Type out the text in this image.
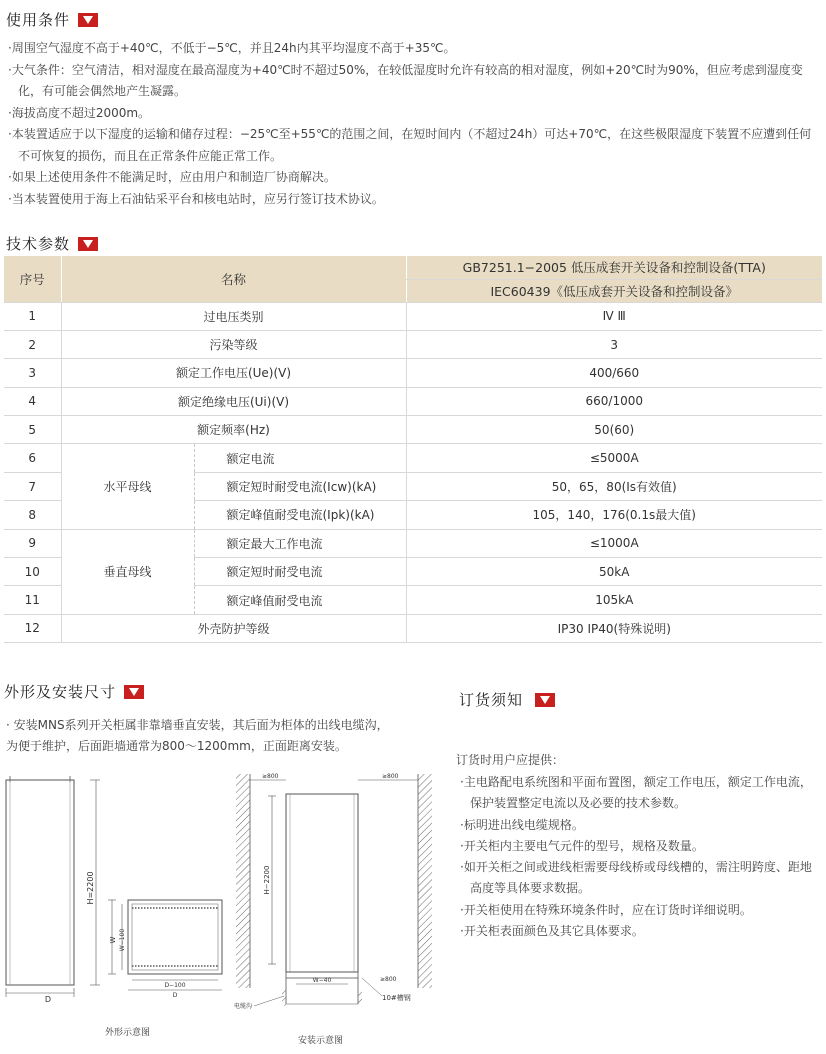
使用条件
·周围空气湿度不高于+40℃，不低于−5℃，并且24h内其平均湿度不高于+35℃。
·大气条件：空气清洁，相对湿度在最高湿度为+40℃时不超过50%，在较低湿度时允许有较高的相对湿度，例如+20℃时为90%，但应考虑到湿度变化，有可能会偶然地产生凝露。
·海拔高度不超过2000m。
·本装置适应于以下湿度的运输和储存过程：−25℃至+55℃的范围之间，在短时间内（不超过24h）可达+70℃，在这些极限湿度下装置不应遭到任何不可恢复的损伤，而且在正常条件应能正常工作。
·如果上述使用条件不能满足时，应由用户和制造厂协商解决。
·当本装置使用于海上石油钻采平台和核电站时，应另行签订技术协议。
技术参数
序号	名称		GB7251.1−2005 低压成套开关设备和控制设备(TTA)
			IEC60439《低压成套开关设备和控制设备》
1	过电压类别		Ⅳ Ⅲ
2	污染等级		3
3	额定工作电压(Ue)(V)		400/660
4	额定绝缘电压(Ui)(V)		660/1000
5	额定频率(Hz)		50(60)
6	水平母线	额定电流	≤5000A
7		额定短时耐受电流(Icw)(kA)	50，65，80(Is有效值)
8		额定峰值耐受电流(Ipk)(kA)	105，140，176(0.1s最大值)
9	垂直母线	额定最大工作电流	≤1000A
10		额定短时耐受电流	50kA
11		额定峰值耐受电流	105kA
12	外壳防护等级		IP30 IP40(特殊说明)
外形及安装尺寸
· 安装MNS系列开关柜属非靠墙垂直安装，其后面为柜体的出线电缆沟，
为便于维护，后面距墙通常为800～1200mm，正面距离安装。
H=2200
D
W W−100
D−100
D
外形示意图
≥800	≥800
H−2200
W−40	≥800
电缆沟
10#槽钢
安装示意图
订货须知
订货时用户应提供：
·主电路配电系统图和平面布置图，额定工作电压，额定工作电流，保护装置整定电流以及必要的技术参数。
·标明进出线电缆规格。
·开关柜内主要电气元件的型号，规格及数量。
·如开关柜之间或进线柜需要母线桥或母线槽的，需注明跨度、距地高度等具体要求数据。
·开关柜使用在特殊环境条件时，应在订货时详细说明。
·开关柜表面颜色及其它具体要求。
